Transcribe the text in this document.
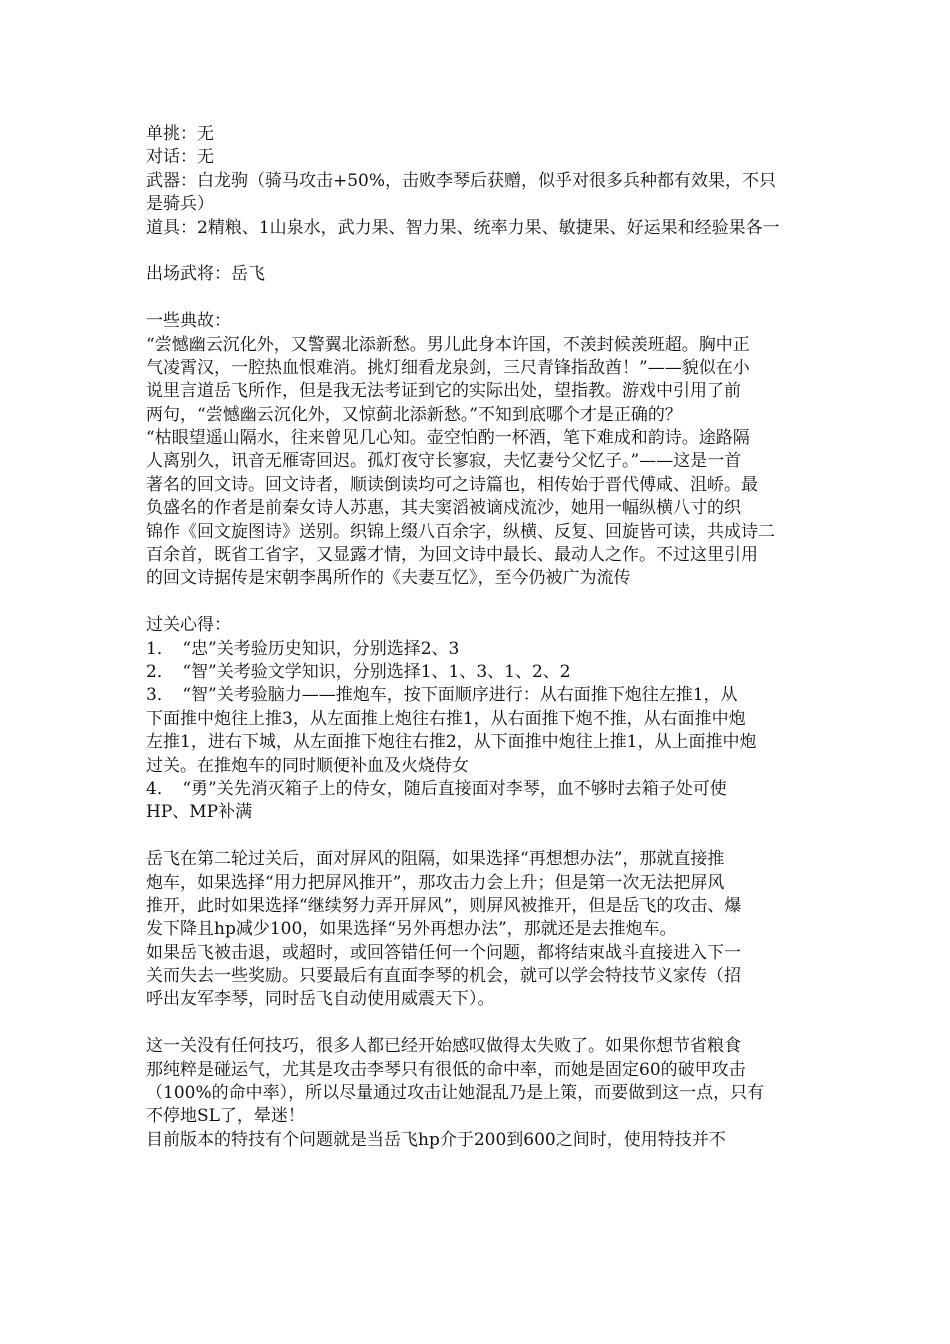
单挑：无
对话：无
武器：白龙驹（骑马攻击+50%，击败李琴后获赠，似乎对很多兵种都有效果，不只
是骑兵）
道具：2精粮、1山泉水，武力果、智力果、统率力果、敏捷果、好运果和经验果各一
出场武将：岳飞
一些典故：
“尝憾幽云沉化外，又警翼北添新愁。男儿此身本许国，不羡封候羡班超。胸中正
气凌霄汉，一腔热血恨难消。挑灯细看龙泉剑，三尺青锋指敌酋！”——貌似在小
说里言道岳飞所作，但是我无法考证到它的实际出处，望指教。游戏中引用了前
两句，“尝憾幽云沉化外，又惊蓟北添新愁。”不知到底哪个才是正确的？
“枯眼望遥山隔水，往来曾见几心知。壶空怕酌一杯酒，笔下难成和韵诗。途路隔
人离别久，讯音无雁寄回迟。孤灯夜守长寥寂，夫忆妻兮父忆子。”——这是一首
著名的回文诗。回文诗者，顺读倒读均可之诗篇也，相传始于晋代傅咸、沮峤。最
负盛名的作者是前秦女诗人苏惠，其夫窦滔被谪戍流沙，她用一幅纵横八寸的织
锦作《回文旋图诗》送别。织锦上缀八百余字，纵横、反复、回旋皆可读，共成诗二
百余首，既省工省字，又显露才情，为回文诗中最长、最动人之作。不过这里引用
的回文诗据传是宋朝李禺所作的《夫妻互忆》，至今仍被广为流传
过关心得：
1．　“忠”关考验历史知识，分别选择2、3
2．　“智”关考验文学知识，分别选择1、1、3、1、2、2
3．　“智”关考验脑力——推炮车，按下面顺序进行：从右面推下炮往左推1，从
下面推中炮往上推3，从左面推上炮往右推1，从右面推下炮不推，从右面推中炮
左推1，进右下城，从左面推下炮往右推2，从下面推中炮往上推1，从上面推中炮
过关。在推炮车的同时顺便补血及火烧侍女
4．　“勇”关先消灭箱子上的侍女，随后直接面对李琴，血不够时去箱子处可使
HP、MP补满
岳飞在第二轮过关后，面对屏风的阻隔，如果选择“再想想办法”，那就直接推
炮车，如果选择“用力把屏风推开”，那攻击力会上升；但是第一次无法把屏风
推开，此时如果选择“继续努力弄开屏风”，则屏风被推开，但是岳飞的攻击、爆
发下降且hp减少100，如果选择“另外再想办法”，那就还是去推炮车。
如果岳飞被击退，或超时，或回答错任何一个问题，都将结束战斗直接进入下一
关而失去一些奖励。只要最后有直面李琴的机会，就可以学会特技节义家传（招
呼出友军李琴，同时岳飞自动使用威震天下）。
这一关没有任何技巧，很多人都已经开始感叹做得太失败了。如果你想节省粮食
那纯粹是碰运气，尤其是攻击李琴只有很低的命中率，而她是固定60的破甲攻击
（100%的命中率），所以尽量通过攻击让她混乱乃是上策，而要做到这一点，只有
不停地SL了，晕迷！
目前版本的特技有个问题就是当岳飞hp介于200到600之间时，使用特技并不
